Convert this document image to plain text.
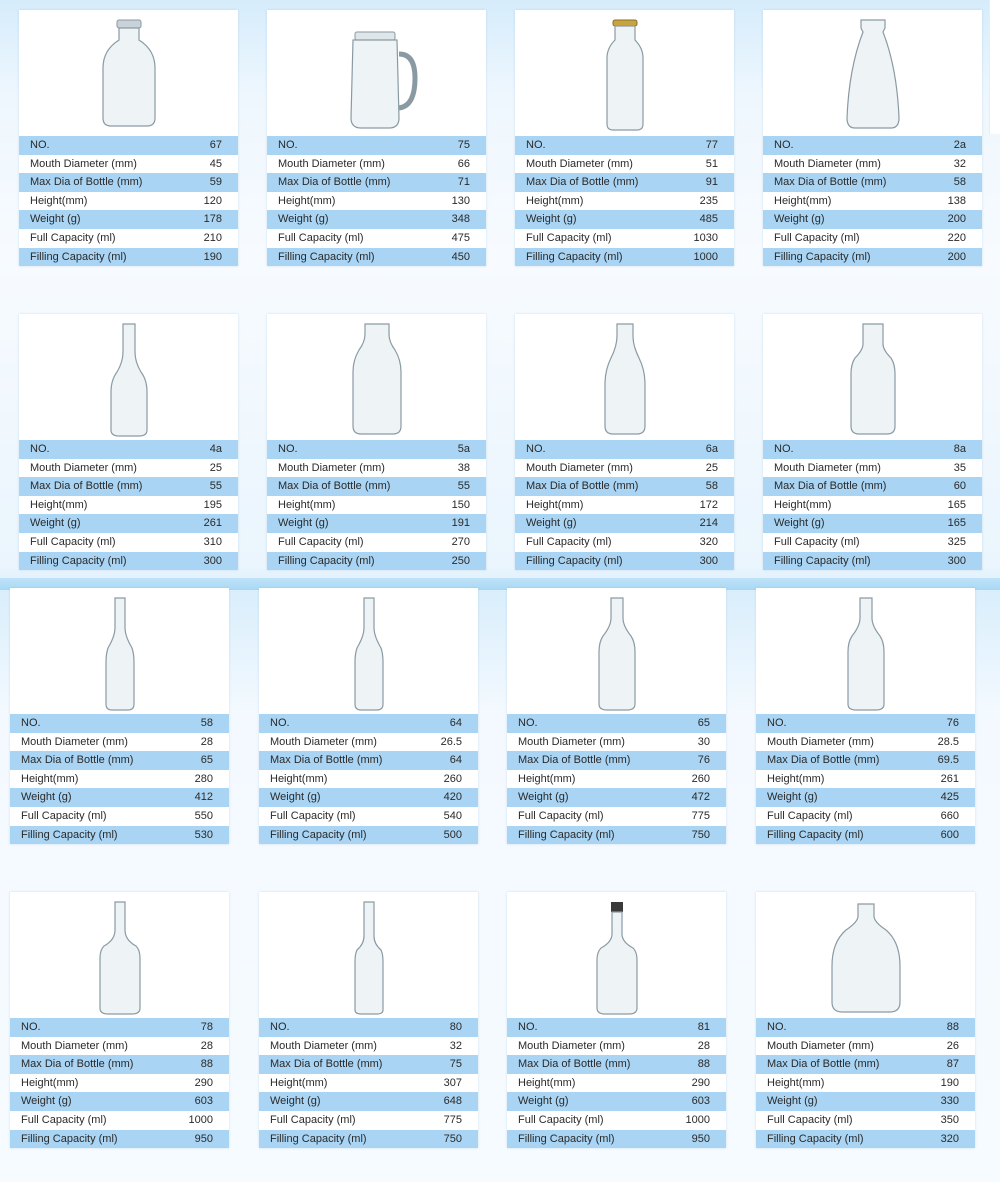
NO.	67
Mouth Diameter (mm)	45
Max Dia of Bottle (mm)	59
Height(mm)	120
Weight (g)	178
Full Capacity (ml)	210
Filling Capacity (ml)	190
NO.	75
Mouth Diameter (mm)	66
Max Dia of Bottle (mm)	71
Height(mm)	130
Weight (g)	348
Full Capacity (ml)	475
Filling Capacity (ml)	450
NO.	77
Mouth Diameter (mm)	51
Max Dia of Bottle (mm)	91
Height(mm)	235
Weight (g)	485
Full Capacity (ml)	1030
Filling Capacity (ml)	1000
NO.	2a
Mouth Diameter (mm)	32
Max Dia of Bottle (mm)	58
Height(mm)	138
Weight (g)	200
Full Capacity (ml)	220
Filling Capacity (ml)	200
NO.	4a
Mouth Diameter (mm)	25
Max Dia of Bottle (mm)	55
Height(mm)	195
Weight (g)	261
Full Capacity (ml)	310
Filling Capacity (ml)	300
NO.	5a
Mouth Diameter (mm)	38
Max Dia of Bottle (mm)	55
Height(mm)	150
Weight (g)	191
Full Capacity (ml)	270
Filling Capacity (ml)	250
NO.	6a
Mouth Diameter (mm)	25
Max Dia of Bottle (mm)	58
Height(mm)	172
Weight (g)	214
Full Capacity (ml)	320
Filling Capacity (ml)	300
NO.	8a
Mouth Diameter (mm)	35
Max Dia of Bottle (mm)	60
Height(mm)	165
Weight (g)	165
Full Capacity (ml)	325
Filling Capacity (ml)	300
NO.	58
Mouth Diameter (mm)	28
Max Dia of Bottle (mm)	65
Height(mm)	280
Weight (g)	412
Full Capacity (ml)	550
Filling Capacity (ml)	530
NO.	64
Mouth Diameter (mm)	26.5
Max Dia of Bottle (mm)	64
Height(mm)	260
Weight (g)	420
Full Capacity (ml)	540
Filling Capacity (ml)	500
NO.	65
Mouth Diameter (mm)	30
Max Dia of Bottle (mm)	76
Height(mm)	260
Weight (g)	472
Full Capacity (ml)	775
Filling Capacity (ml)	750
NO.	76
Mouth Diameter (mm)	28.5
Max Dia of Bottle (mm)	69.5
Height(mm)	261
Weight (g)	425
Full Capacity (ml)	660
Filling Capacity (ml)	600
NO.	78
Mouth Diameter (mm)	28
Max Dia of Bottle (mm)	88
Height(mm)	290
Weight (g)	603
Full Capacity (ml)	1000
Filling Capacity (ml)	950
NO.	80
Mouth Diameter (mm)	32
Max Dia of Bottle (mm)	75
Height(mm)	307
Weight (g)	648
Full Capacity (ml)	775
Filling Capacity (ml)	750
NO.	81
Mouth Diameter (mm)	28
Max Dia of Bottle (mm)	88
Height(mm)	290
Weight (g)	603
Full Capacity (ml)	1000
Filling Capacity (ml)	950
NO.	88
Mouth Diameter (mm)	26
Max Dia of Bottle (mm)	87
Height(mm)	190
Weight (g)	330
Full Capacity (ml)	350
Filling Capacity (ml)	320
